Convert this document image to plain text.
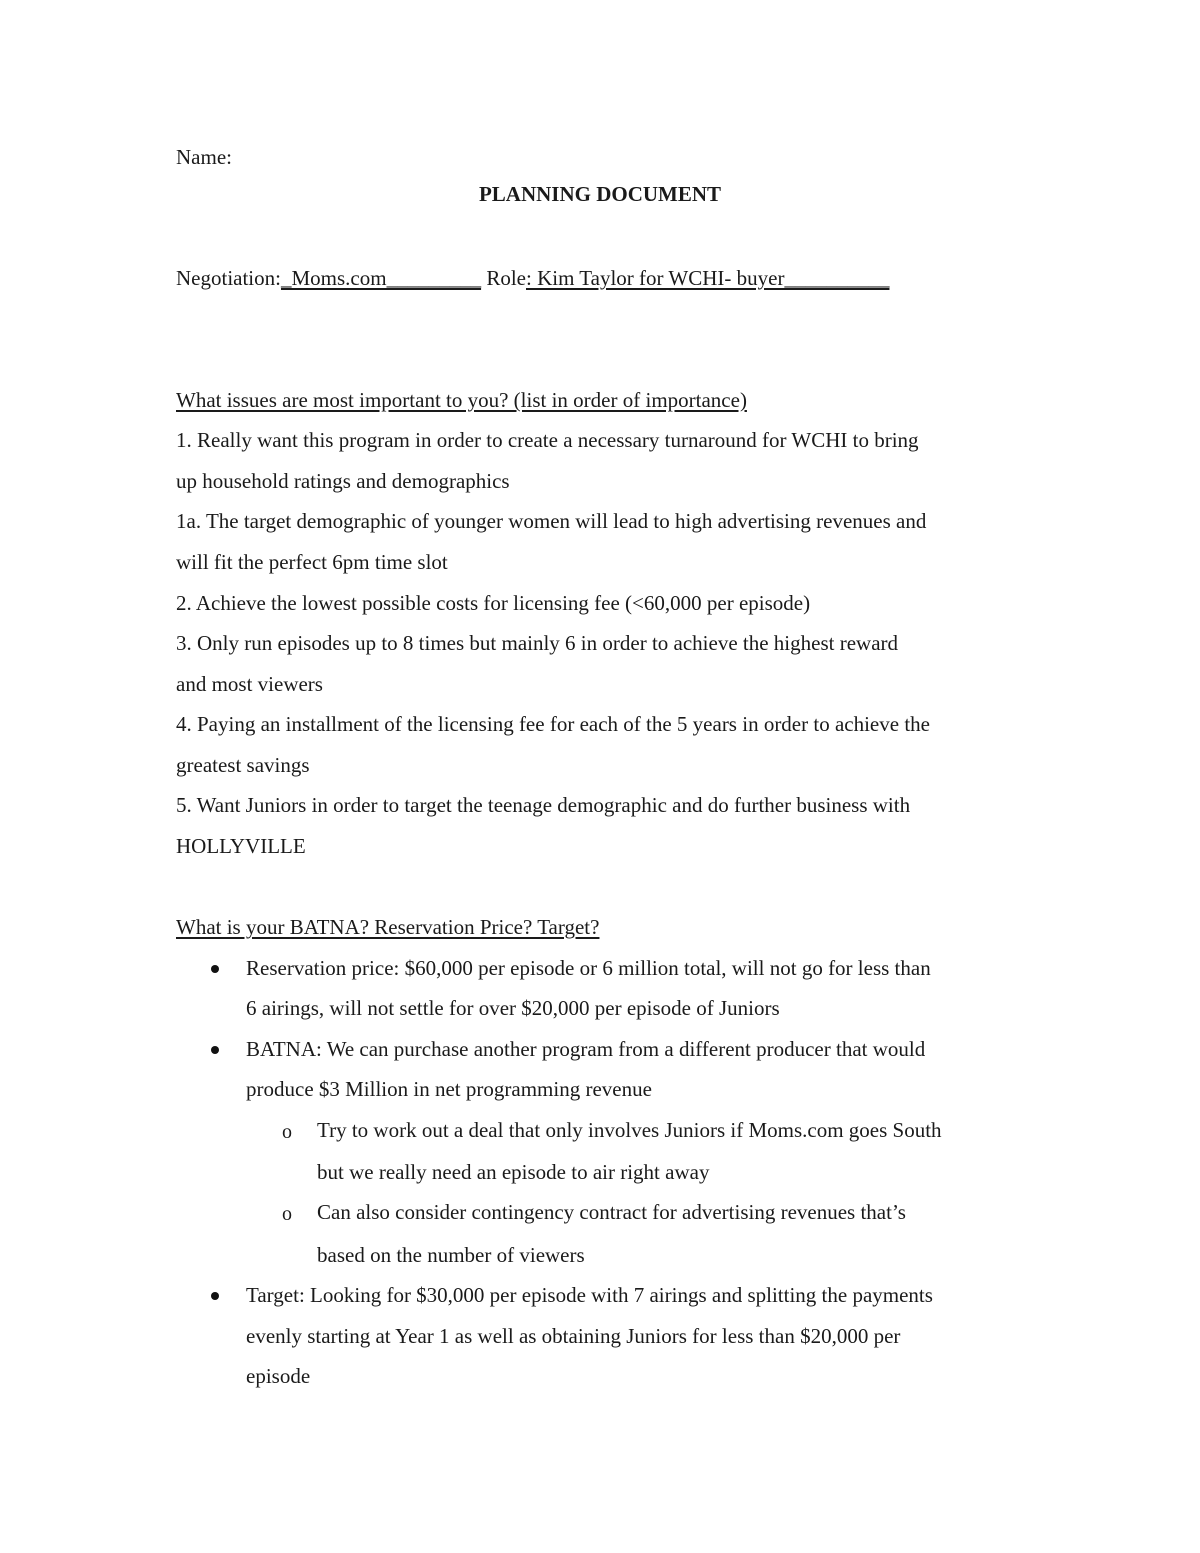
Name:
PLANNING DOCUMENT
Negotiation:_Moms.com_________ Role: Kim Taylor for WCHI- buyer__________
What issues are most important to you? (list in order of importance)
1. Really want this program in order to create a necessary turnaround for WCHI to bring
up household ratings and demographics
1a. The target demographic of younger women will lead to high advertising revenues and
will fit the perfect 6pm time slot
2. Achieve the lowest possible costs for licensing fee (<60,000 per episode)
3. Only run episodes up to 8 times but mainly 6 in order to achieve the highest reward
and most viewers
4. Paying an installment of the licensing fee for each of the 5 years in order to achieve the
greatest savings
5. Want Juniors in order to target the teenage demographic and do further business with
HOLLYVILLE
What is your BATNA? Reservation Price? Target?
Reservation price: $60,000 per episode or 6 million total, will not go for less than
6 airings, will not settle for over $20,000 per episode of Juniors
BATNA: We can purchase another program from a different producer that would
produce $3 Million in net programming revenue
o Try to work out a deal that only involves Juniors if Moms.com goes South
but we really need an episode to air right away
o Can also consider contingency contract for advertising revenues that’s
based on the number of viewers
Target: Looking for $30,000 per episode with 7 airings and splitting the payments
evenly starting at Year 1 as well as obtaining Juniors for less than $20,000 per
episode
